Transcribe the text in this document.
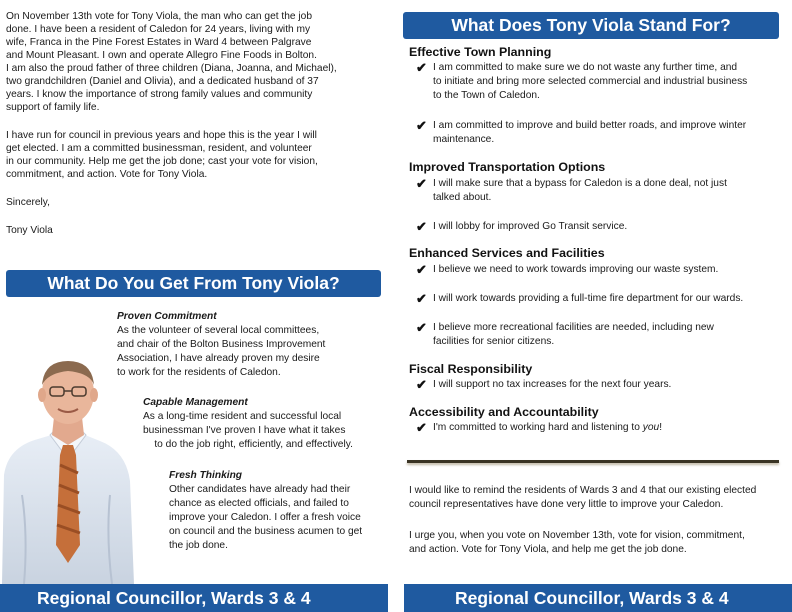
On November 13th vote for Tony Viola, the man who can get the job
done. I have been a resident of Caledon for 24 years, living with my
wife, Franca in the Pine Forest Estates in Ward 4 between Palgrave
and Mount Pleasant. I own and operate Allegro Fine Foods in Bolton.
I am also the proud father of three children (Diana, Joanna, and Michael),
two grandchildren (Daniel and Olivia), and a dedicated husband of 37
years. I know the importance of strong family values and community
support of family life.
I have run for council in previous years and hope this is the year I will
get elected. I am a committed businessman, resident, and volunteer
in our community. Help me get the job done; cast your vote for vision,
commitment, and action. Vote for Tony Viola.
Sincerely,
Tony Viola
What Do You Get From Tony Viola?
Proven Commitment
As the volunteer of several local committees,
and chair of the Bolton Business Improvement
Association, I have already proven my desire
to work for the residents of Caledon.
Capable Management
As a long-time resident and successful local
businessman I've proven I have what it takes
to do the job right, efficiently, and effectively.
Fresh Thinking
Other candidates have already had their
chance as elected officials, and failed to
improve your Caledon. I offer a fresh voice
on council and the business acumen to get
the job done.
What Does Tony Viola Stand For?
Effective Town Planning
✔ I am committed to make sure we do not waste any further time, and
to initiate and bring more selected commercial and industrial business
to the Town of Caledon.
✔ I am committed to improve and build better roads, and improve winter
maintenance.
Improved Transportation Options
✔ I will make sure that a bypass for Caledon is a done deal, not just
talked about.
✔ I will lobby for improved Go Transit service.
Enhanced Services and Facilities
✔ I believe we need to work towards improving our waste system.
✔ I will work towards providing a full-time fire department for our wards.
✔ I believe more recreational facilities are needed, including new
facilities for senior citizens.
Fiscal Responsibility
✔ I will support no tax increases for the next four years.
Accessibility and Accountability
✔ I'm committed to working hard and listening to you!
I would like to remind the residents of Wards 3 and 4 that our existing elected
council representatives have done very little to improve your Caledon.
I urge you, when you vote on November 13th, vote for vision, commitment,
and action. Vote for Tony Viola, and help me get the job done.
Regional Councillor, Wards 3 & 4	Regional Councillor, Wards 3 & 4
